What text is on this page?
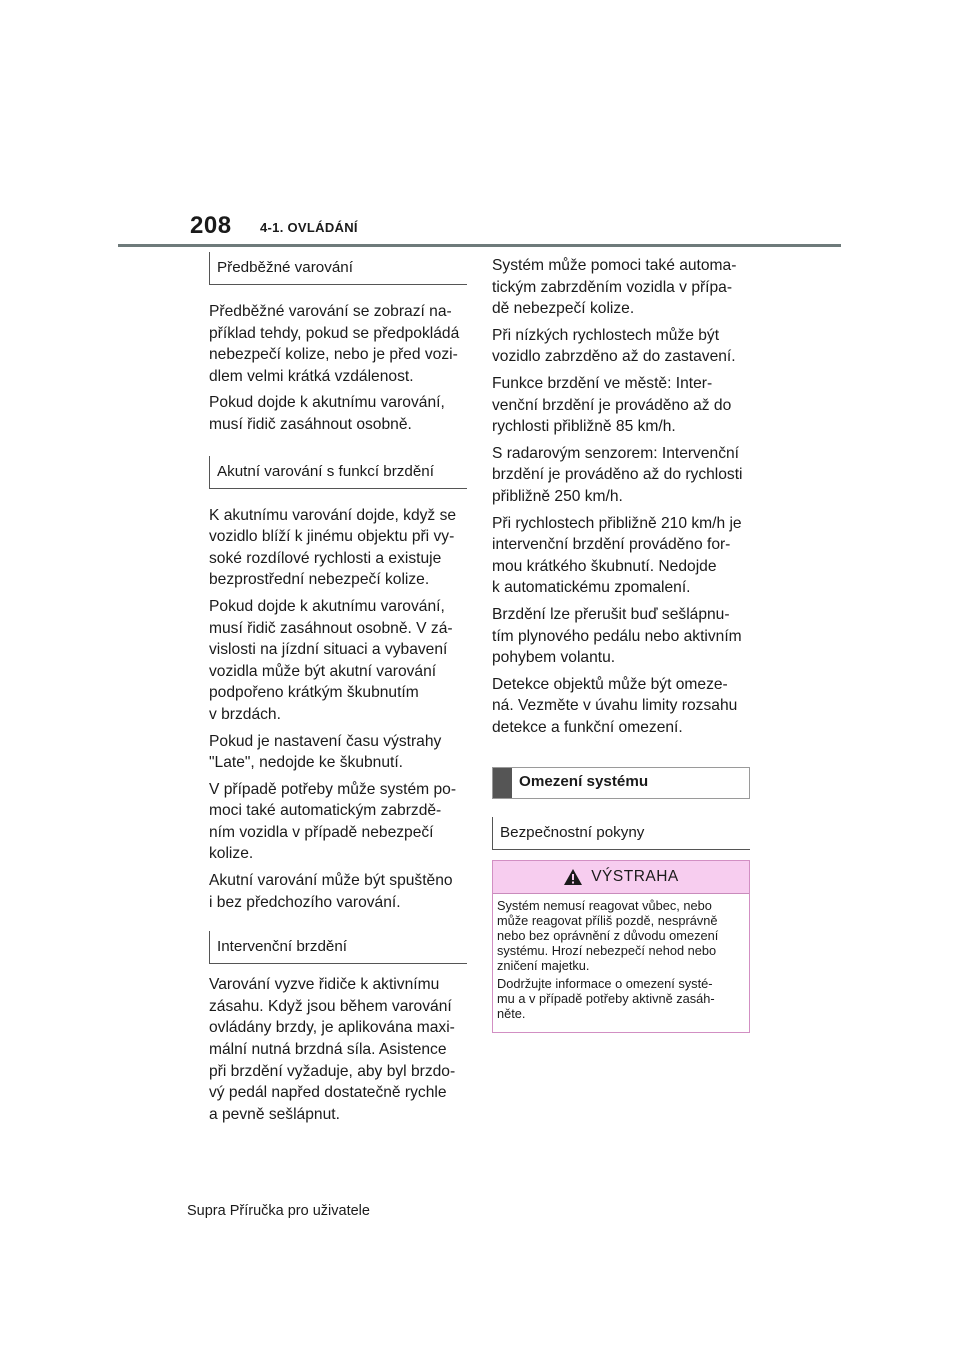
208 4-1. OVLÁDÁNÍ
Předběžné varování

Předběžné varování se zobrazí na-
příklad tehdy, pokud se předpokládá
nebezpečí kolize, nebo je před vozi-
dlem velmi krátká vzdálenost.

Pokud dojde k akutnímu varování,
musí řidič zasáhnout osobně.

Akutní varování s funkcí brzdění

K akutnímu varování dojde, když se
vozidlo blíží k jinému objektu při vy-
soké rozdílové rychlosti a existuje
bezprostřední nebezpečí kolize.

Pokud dojde k akutnímu varování,
musí řidič zasáhnout osobně. V zá-
vislosti na jízdní situaci a vybavení
vozidla může být akutní varování
podpořeno krátkým škubnutím
v brzdách.

Pokud je nastavení času výstrahy
"Late", nedojde ke škubnutí.

V případě potřeby může systém po-
moci také automatickým zabrzdě-
ním vozidla v případě nebezpečí
kolize.

Akutní varování může být spuštěno
i bez předchozího varování.

Intervenční brzdění

Varování vyzve řidiče k aktivnímu
zásahu. Když jsou během varování
ovládány brzdy, je aplikována maxi-
mální nutná brzdná síla. Asistence
při brzdění vyžaduje, aby byl brzdo-
vý pedál napřed dostatečně rychle
a pevně sešlápnut.

Systém může pomoci také automa-
tickým zabrzděním vozidla v přípa-
dě nebezpečí kolize.

Při nízkých rychlostech může být
vozidlo zabrzděno až do zastavení.

Funkce brzdění ve městě: Inter-
venční brzdění je prováděno až do
rychlosti přibližně 85 km/h.

S radarovým senzorem: Intervenční
brzdění je prováděno až do rychlosti
přibližně 250 km/h.

Při rychlostech přibližně 210 km/h je
intervenční brzdění prováděno for-
mou krátkého škubnutí. Nedojde
k automatickému zpomalení.

Brzdění lze přerušit buď sešlápnu-
tím plynového pedálu nebo aktivním
pohybem volantu.

Detekce objektů může být omeze-
ná. Vezměte v úvahu limity rozsahu
detekce a funkční omezení.

Omezení systému
Bezpečnostní pokyny
VÝSTRAHA

Systém nemusí reagovat vůbec, nebo
může reagovat příliš pozdě, nesprávně
nebo bez oprávnění z důvodu omezení
systému. Hrozí nebezpečí nehod nebo
zničení majetku.

Dodržujte informace o omezení systé-
mu a v případě potřeby aktivně zasáh-
něte.

Supra Příručka pro uživatele
